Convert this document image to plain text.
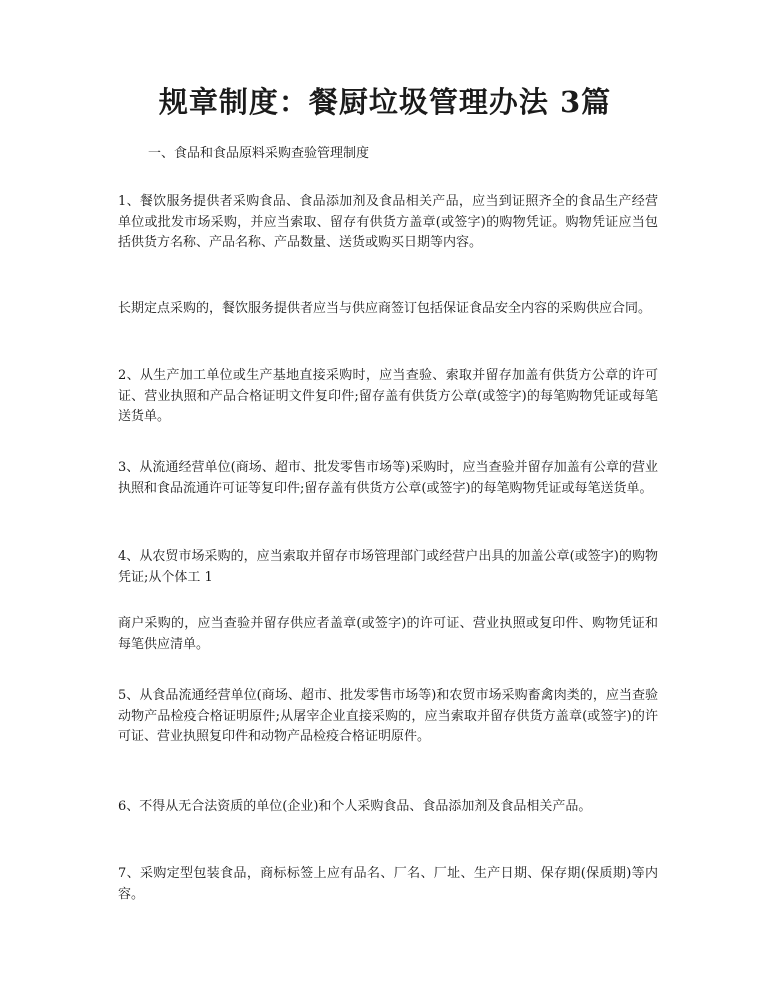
规章制度：餐厨垃圾管理办法 3篇

一、食品和食品原料采购查验管理制度

1、餐饮服务提供者采购食品、食品添加剂及食品相关产品，应当到证照齐全的食品生产经营单位或批发市场采购，并应当索取、留存有供货方盖章(或签字)的购物凭证。购物凭证应当包括供货方名称、产品名称、产品数量、送货或购买日期等内容。

长期定点采购的，餐饮服务提供者应当与供应商签订包括保证食品安全内容的采购供应合同。

2、从生产加工单位或生产基地直接采购时，应当查验、索取并留存加盖有供货方公章的许可证、营业执照和产品合格证明文件复印件;留存盖有供货方公章(或签字)的每笔购物凭证或每笔送货单。

3、从流通经营单位(商场、超市、批发零售市场等)采购时，应当查验并留存加盖有公章的营业执照和食品流通许可证等复印件;留存盖有供货方公章(或签字)的每笔购物凭证或每笔送货单。

4、从农贸市场采购的，应当索取并留存市场管理部门或经营户出具的加盖公章(或签字)的购物凭证;从个体工 1

商户采购的，应当查验并留存供应者盖章(或签字)的许可证、营业执照或复印件、购物凭证和每笔供应清单。

5、从食品流通经营单位(商场、超市、批发零售市场等)和农贸市场采购畜禽肉类的，应当查验动物产品检疫合格证明原件;从屠宰企业直接采购的，应当索取并留存供货方盖章(或签字)的许可证、营业执照复印件和动物产品检疫合格证明原件。

6、不得从无合法资质的单位(企业)和个人采购食品、食品添加剂及食品相关产品。

7、采购定型包装食品，商标标签上应有品名、厂名、厂址、生产日期、保存期(保质期)等内容。
